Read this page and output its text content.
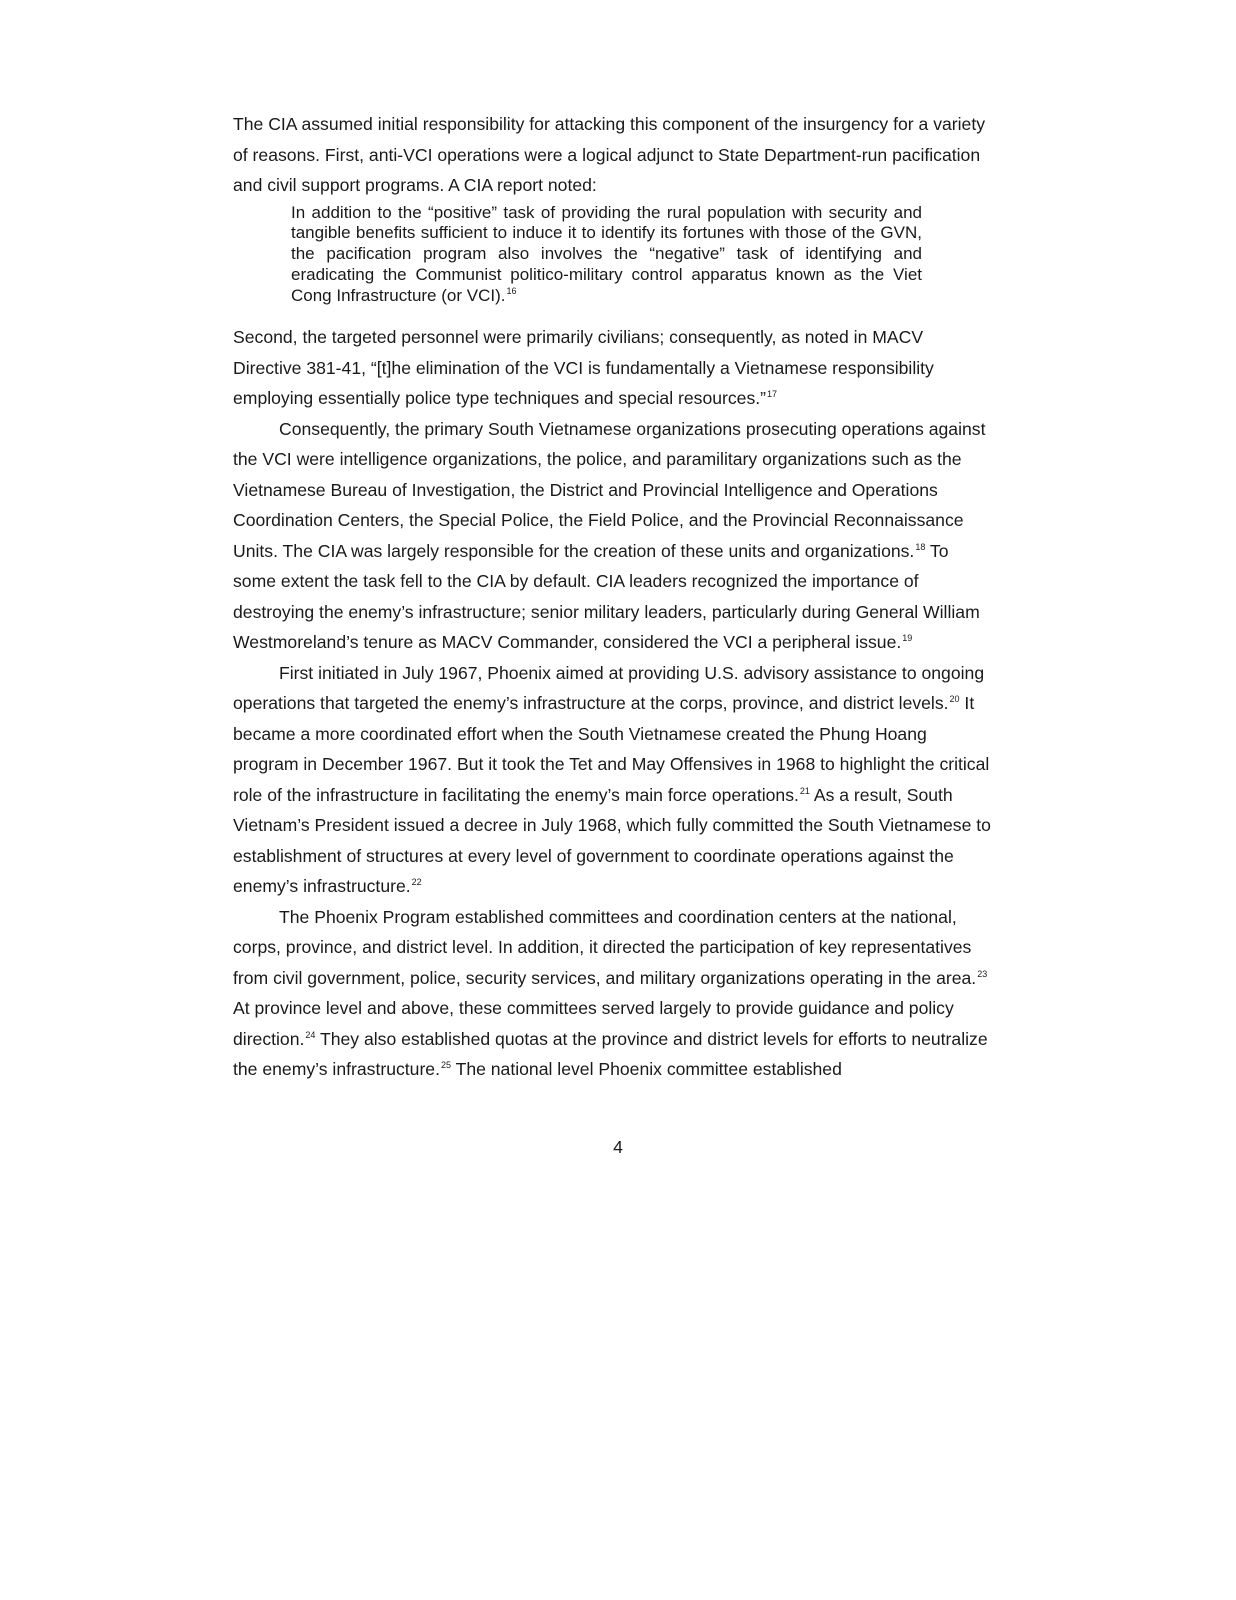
The CIA assumed initial responsibility for attacking this component of the insurgency for a variety of reasons. First, anti-VCI operations were a logical adjunct to State Department-run pacification and civil support programs. A CIA report noted:

In addition to the “positive” task of providing the rural population with security and tangible benefits sufficient to induce it to identify its fortunes with those of the GVN, the pacification program also involves the “negative” task of identifying and eradicating the Communist politico-military control apparatus known as the Viet Cong Infrastructure (or VCI).$^{16}$

Second, the targeted personnel were primarily civilians; consequently, as noted in MACV Directive 381-41, “[t]he elimination of the VCI is fundamentally a Vietnamese responsibility employing essentially police type techniques and special resources.”$^{17}$

Consequently, the primary South Vietnamese organizations prosecuting operations against the VCI were intelligence organizations, the police, and paramilitary organizations such as the Vietnamese Bureau of Investigation, the District and Provincial Intelligence and Operations Coordination Centers, the Special Police, the Field Police, and the Provincial Reconnaissance Units. The CIA was largely responsible for the creation of these units and organizations.$^{18}$ To some extent the task fell to the CIA by default. CIA leaders recognized the importance of destroying the enemy’s infrastructure; senior military leaders, particularly during General William Westmoreland’s tenure as MACV Commander, considered the VCI a peripheral issue.$^{19}$

First initiated in July 1967, Phoenix aimed at providing U.S. advisory assistance to ongoing operations that targeted the enemy’s infrastructure at the corps, province, and district levels.$^{20}$ It became a more coordinated effort when the South Vietnamese created the Phung Hoang program in December 1967. But it took the Tet and May Offensives in 1968 to highlight the critical role of the infrastructure in facilitating the enemy’s main force operations.$^{21}$ As a result, South Vietnam’s President issued a decree in July 1968, which fully committed the South Vietnamese to establishment of structures at every level of government to coordinate operations against the enemy’s infrastructure.$^{22}$

The Phoenix Program established committees and coordination centers at the national, corps, province, and district level. In addition, it directed the participation of key representatives from civil government, police, security services, and military organizations operating in the area.$^{23}$ At province level and above, these committees served largely to provide guidance and policy direction.$^{24}$ They also established quotas at the province and district levels for efforts to neutralize the enemy’s infrastructure.$^{25}$ The national level Phoenix committee established

4
